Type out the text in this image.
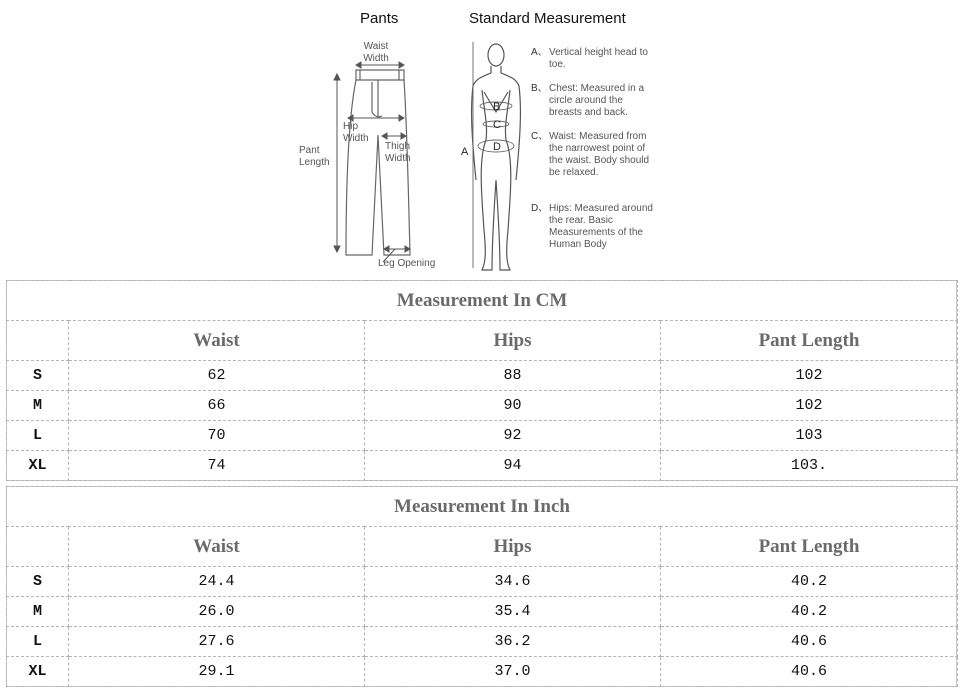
Pants	Standard Measurement
B
C
D
A
Waist Width
Hip Width
Thigh Width
Pant Length
Leg Opening
A、 Vertical height head to toe.
B、 Chest: Measured in a circle around the breasts and back.
C、 Waist: Measured from the narrowest point of the waist. Body should be relaxed.
D、 Hips: Measured around the rear. Basic Measurements of the Human Body
Measurement In CM			
	Waist	Hips	Pant Length
S	62	88	102
M	66	90	102
L	70	92	103
XL	74	94	103.
Measurement In Inch			
	Waist	Hips	Pant Length
S	24.4	34.6	40.2
M	26.0	35.4	40.2
L	27.6	36.2	40.6
XL	29.1	37.0	40.6
